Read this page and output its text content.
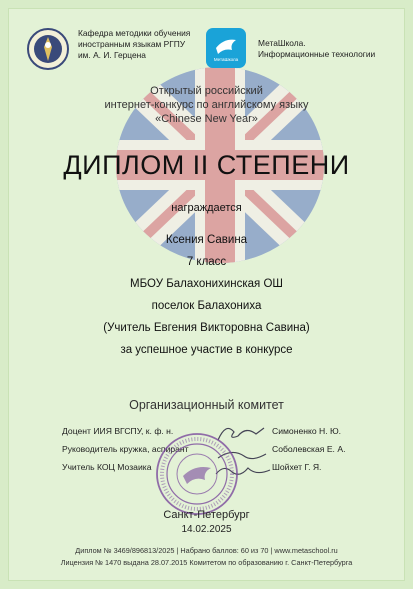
Кафедра методики обучения
иностранным языкам РГПУ
им. А. И. Герцена	МетаШкола
МетаШкола.
Информационные технологии
Открытый российский
интернет-конкурс по английскому языку
«Chinese New Year»
ДИПЛОМ II СТЕПЕНИ
награждается
Ксения Савина
7 класс
МБОУ Балахонихинская ОШ
поселок Балахониха
(Учитель Евгения Викторовна Савина)
за успешное участие в конкурсе
Организационный комитет
Доцент ИИЯ ВГСПУ, к. ф. н.	Симоненко Н. Ю.
Руководитель кружка, аспирант	Соболевская Е. А.
Учитель КОЦ Мозаика	Шойхет Г. Я.
Санкт-Петербург
14.02.2025
Диплом № 3469/896813/2025 | Набрано баллов: 60 из 70 | www.metaschool.ru
Лицензия № 1470 выдана 28.07.2015 Комитетом по образованию г. Санкт-Петербурга
